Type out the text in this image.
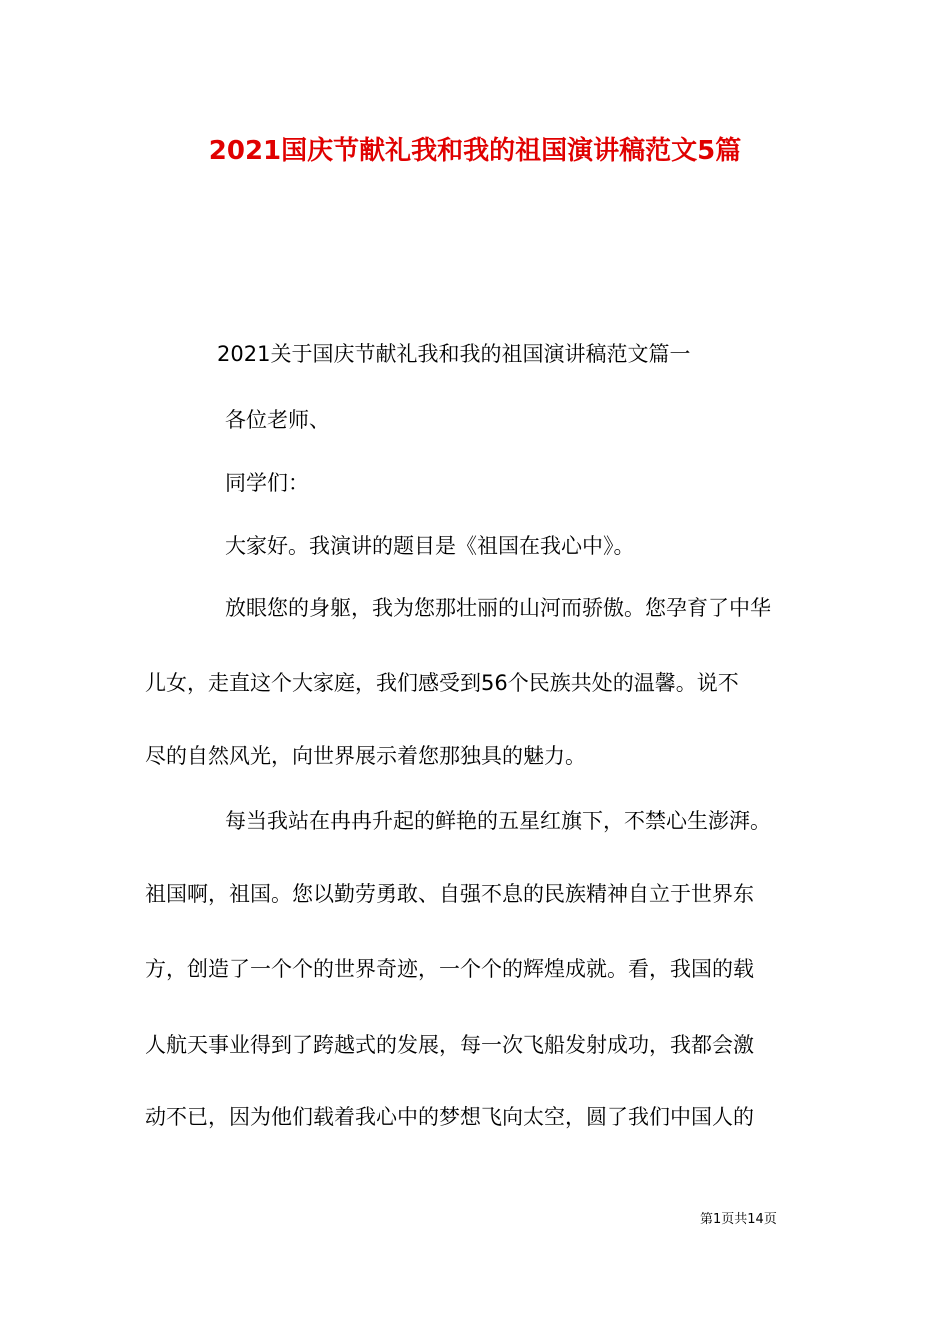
2021国庆节献礼我和我的祖国演讲稿范文5篇
2021关于国庆节献礼我和我的祖国演讲稿范文篇一
各位老师、
同学们：
大家好。我演讲的题目是《祖国在我心中》。
放眼您的身躯，我为您那壮丽的山河而骄傲。您孕育了中华
儿女，走直这个大家庭，我们感受到56个民族共处的温馨。说不
尽的自然风光，向世界展示着您那独具的魅力。
每当我站在冉冉升起的鲜艳的五星红旗下，不禁心生澎湃。
祖国啊，祖国。您以勤劳勇敢、自强不息的民族精神自立于世界东
方，创造了一个个的世界奇迹，一个个的辉煌成就。看，我国的载
人航天事业得到了跨越式的发展，每一次飞船发射成功，我都会激
动不已，因为他们载着我心中的梦想飞向太空，圆了我们中国人的
第1页共14页
